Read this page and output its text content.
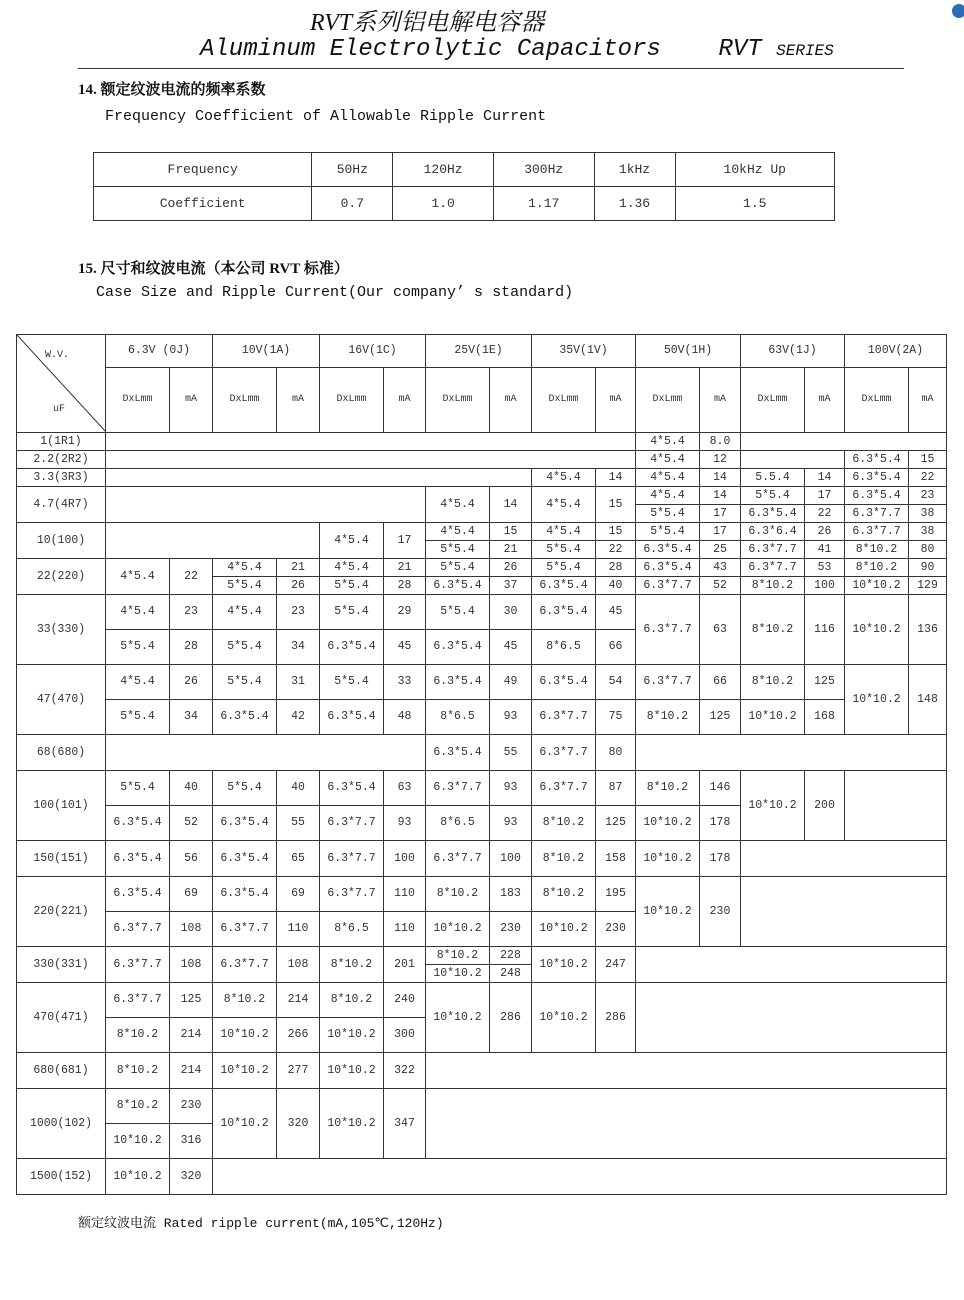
RVT系列铝电解电容器
Aluminum Electrolytic Capacitors RVT SERIES
14. 额定纹波电流的频率系数
Frequency Coefficient of Allowable Ripple Current
Frequency	50Hz	120Hz	300Hz	1kHz	10kHz Up
Coefficient	0.7	1.0	1.17	1.36	1.5
15. 尺寸和纹波电流（本公司 RVT 标准）
Case Size and Ripple Current(Our company’ s standard)
W.V.
uF	6.3V (0J)		10V(1A)		16V(1C)		25V(1E)		35V(1V)		50V(1H)		63V(1J)		100V(2A)	
	DxLmm	mA	DxLmm	mA	DxLmm	mA	DxLmm	mA	DxLmm	mA	DxLmm	mA	DxLmm	mA	DxLmm	mA
1(1R1)											4*5.4	8.0				
2.2(2R2)											4*5.4	12			6.3*5.4	15
3.3(3R3)									4*5.4	14	4*5.4	14	5.5.4	14	6.3*5.4	22
4.7(4R7)							4*5.4	14	4*5.4	15	4*5.4	14	5*5.4	17	6.3*5.4	23
											5*5.4	17	6.3*5.4	22	6.3*7.7	38
10(100)					4*5.4	17	4*5.4	15	4*5.4	15	5*5.4	17	6.3*6.4	26	6.3*7.7	38
							5*5.4	21	5*5.4	22	6.3*5.4	25	6.3*7.7	41	8*10.2	80
22(220)	4*5.4	22	4*5.4	21	4*5.4	21	5*5.4	26	5*5.4	28	6.3*5.4	43	6.3*7.7	53	8*10.2	90
			5*5.4	26	5*5.4	28	6.3*5.4	37	6.3*5.4	40	6.3*7.7	52	8*10.2	100	10*10.2	129
33(330)	4*5.4	23	4*5.4	23	5*5.4	29	5*5.4	30	6.3*5.4	45	6.3*7.7	63	8*10.2	116	10*10.2	136
	5*5.4	28	5*5.4	34	6.3*5.4	45	6.3*5.4	45	8*6.5	66						
47(470)	4*5.4	26	5*5.4	31	5*5.4	33	6.3*5.4	49	6.3*5.4	54	6.3*7.7	66	8*10.2	125	10*10.2	148
	5*5.4	34	6.3*5.4	42	6.3*5.4	48	8*6.5	93	6.3*7.7	75	8*10.2	125	10*10.2	168		
68(680)							6.3*5.4	55	6.3*7.7	80						
100(101)	5*5.4	40	5*5.4	40	6.3*5.4	63	6.3*7.7	93	6.3*7.7	87	8*10.2	146	10*10.2	200		
	6.3*5.4	52	6.3*5.4	55	6.3*7.7	93	8*6.5	93	8*10.2	125	10*10.2	178				
150(151)	6.3*5.4	56	6.3*5.4	65	6.3*7.7	100	6.3*7.7	100	8*10.2	158	10*10.2	178				
220(221)	6.3*5.4	69	6.3*5.4	69	6.3*7.7	110	8*10.2	183	8*10.2	195	10*10.2	230				
	6.3*7.7	108	6.3*7.7	110	8*6.5	110	10*10.2	230	10*10.2	230						
330(331)	6.3*7.7	108	6.3*7.7	108	8*10.2	201	8*10.2	228	10*10.2	247						
							10*10.2	248								
470(471)	6.3*7.7	125	8*10.2	214	8*10.2	240	10*10.2	286	10*10.2	286						
	8*10.2	214	10*10.2	266	10*10.2	300										
680(681)	8*10.2	214	10*10.2	277	10*10.2	322										
1000(102)	8*10.2	230	10*10.2	320	10*10.2	347										
	10*10.2	316														
1500(152)	10*10.2	320														
额定纹波电流 Rated ripple current(mA,105℃,120Hz)
